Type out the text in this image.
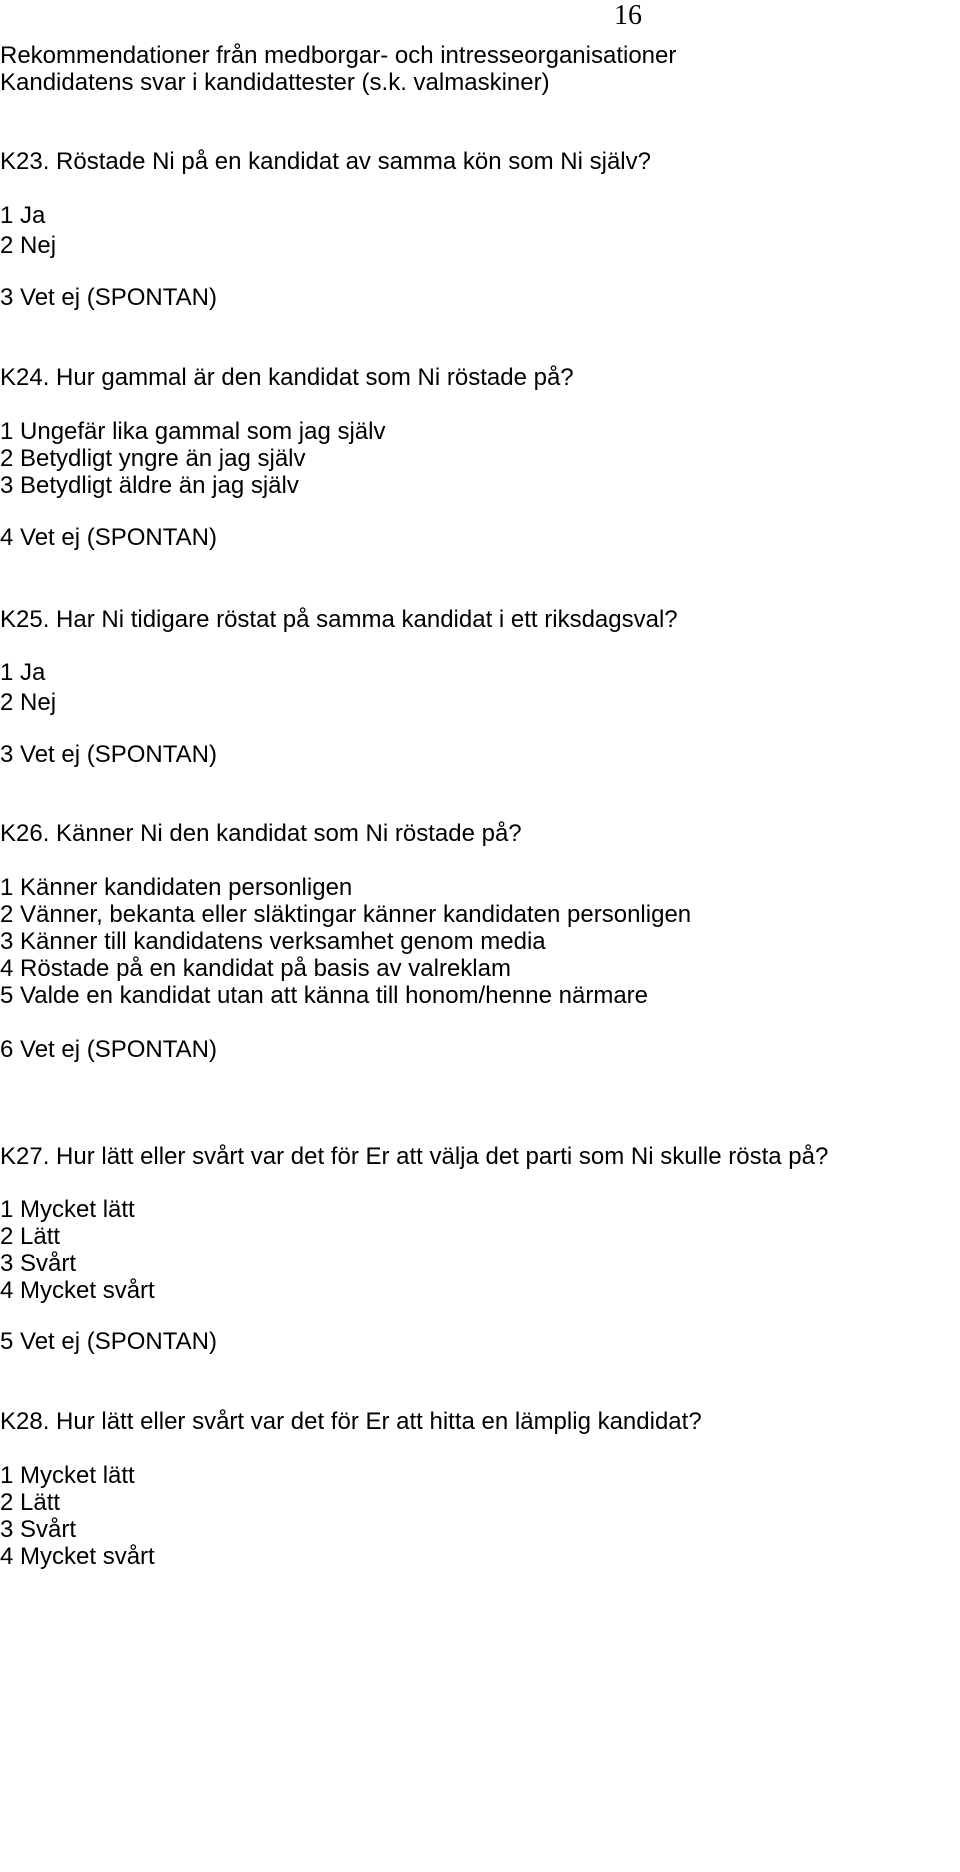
16
Rekommendationer från medborgar- och intresseorganisationer
Kandidatens svar i kandidattester (s.k. valmaskiner)
K23. Röstade Ni på en kandidat av samma kön som Ni själv?
1 Ja
2 Nej
3 Vet ej (SPONTAN)
K24. Hur gammal är den kandidat som Ni röstade på?
1 Ungefär lika gammal som jag själv
2 Betydligt yngre än jag själv
3 Betydligt äldre än jag själv
4 Vet ej (SPONTAN)
K25. Har Ni tidigare röstat på samma kandidat i ett riksdagsval?
1 Ja
2 Nej
3 Vet ej (SPONTAN)
K26. Känner Ni den kandidat som Ni röstade på?
1 Känner kandidaten personligen
2 Vänner, bekanta eller släktingar känner kandidaten personligen
3 Känner till kandidatens verksamhet genom media
4 Röstade på en kandidat på basis av valreklam
5 Valde en kandidat utan att känna till honom/henne närmare
6 Vet ej (SPONTAN)
K27. Hur lätt eller svårt var det för Er att välja det parti som Ni skulle rösta på?
1 Mycket lätt
2 Lätt
3 Svårt
4 Mycket svårt
5 Vet ej (SPONTAN)
K28. Hur lätt eller svårt var det för Er att hitta en lämplig kandidat?
1 Mycket lätt
2 Lätt
3 Svårt
4 Mycket svårt
